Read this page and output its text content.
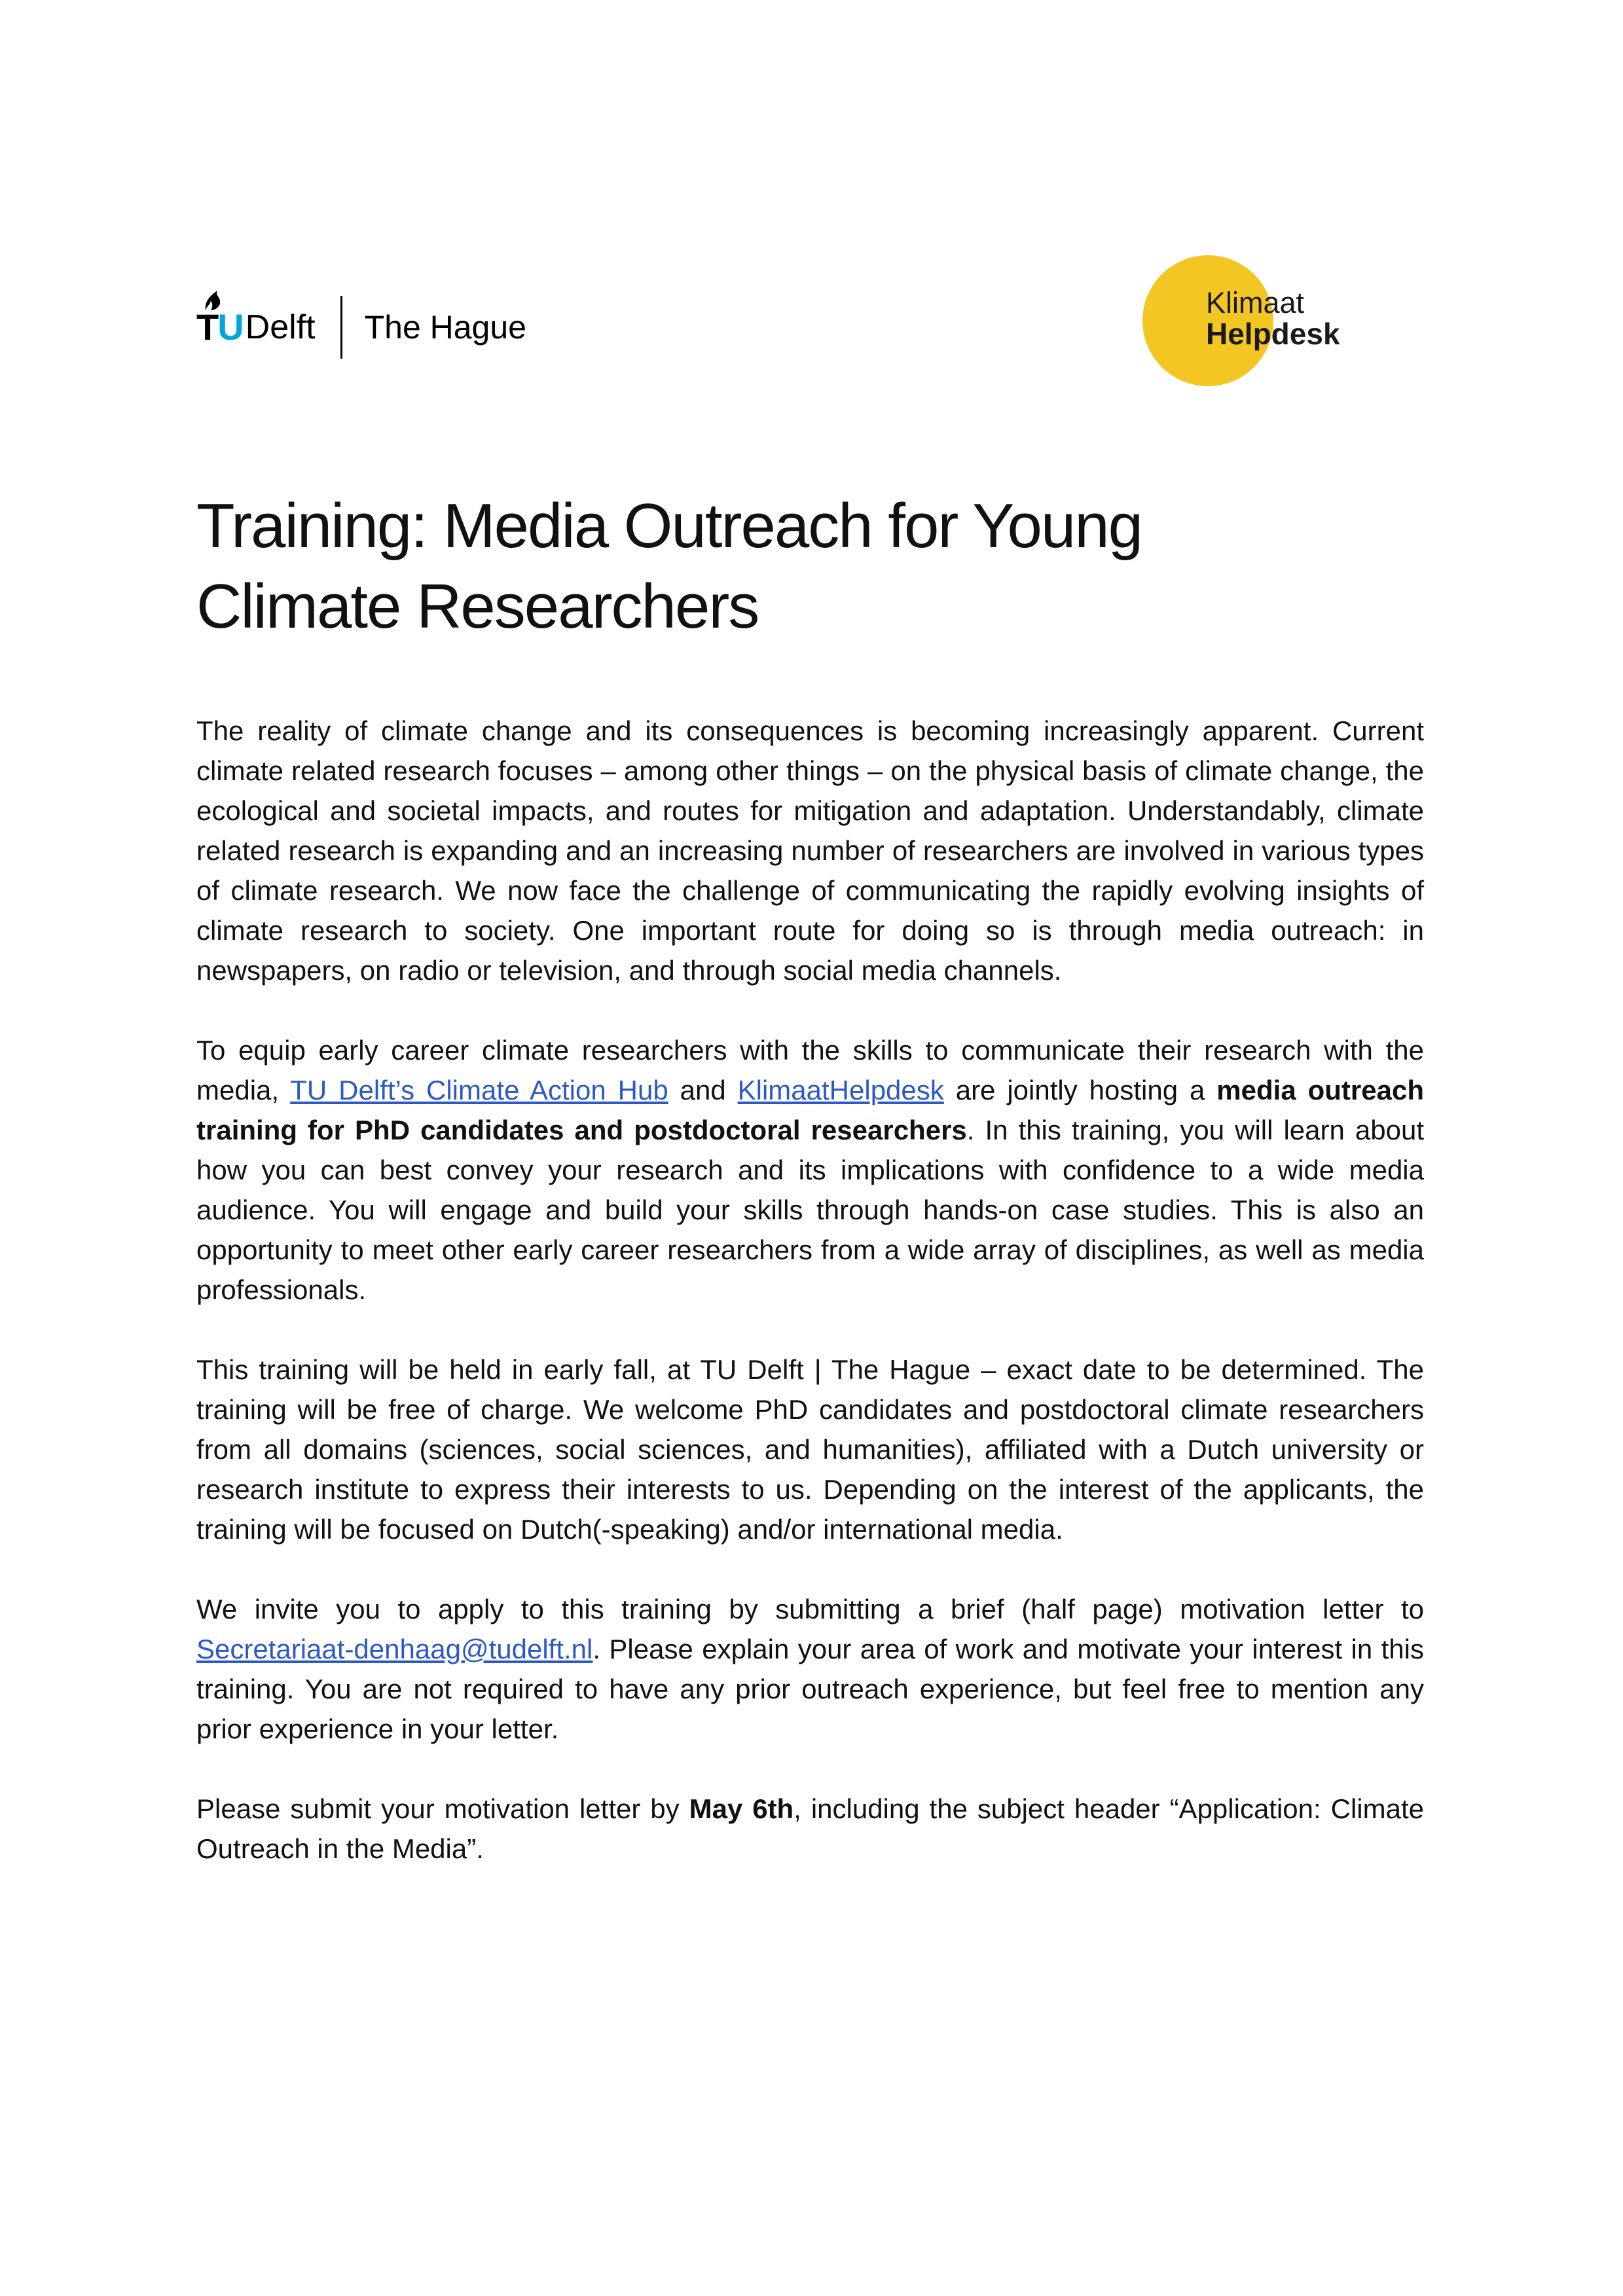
T U Delft The Hague
Klimaat
Helpdesk
Training: Media Outreach for Young
Climate Researchers

The reality of climate change and its consequences is becoming increasingly apparent. Current climate related research focuses – among other things – on the physical basis of climate change, the ecological and societal impacts, and routes for mitigation and adaptation. Understandably, climate related research is expanding and an increasing number of researchers are involved in various types of climate research. We now face the challenge of communicating the rapidly evolving insights of climate research to society. One important route for doing so is through media outreach: in newspapers, on radio or television, and through social media channels.

To equip early career climate researchers with the skills to communicate their research with the media, TU Delft’s Climate Action Hub and KlimaatHelpdesk are jointly hosting a media outreach training for PhD candidates and postdoctoral researchers. In this training, you will learn about how you can best convey your research and its implications with confidence to a wide media audience. You will engage and build your skills through hands-on case studies. This is also an opportunity to meet other early career researchers from a wide array of disciplines, as well as media professionals.

This training will be held in early fall, at TU Delft | The Hague – exact date to be determined. The training will be free of charge. We welcome PhD candidates and postdoctoral climate researchers from all domains (sciences, social sciences, and humanities), affiliated with a Dutch university or research institute to express their interests to us. Depending on the interest of the applicants, the training will be focused on Dutch(-speaking) and/or international media.

We invite you to apply to this training by submitting a brief (half page) motivation letter to Secretariaat-denhaag@tudelft.nl. Please explain your area of work and motivate your interest in this training. You are not required to have any prior outreach experience, but feel free to mention any prior experience in your letter.

Please submit your motivation letter by May 6th, including the subject header “Application: Climate Outreach in the Media”.
